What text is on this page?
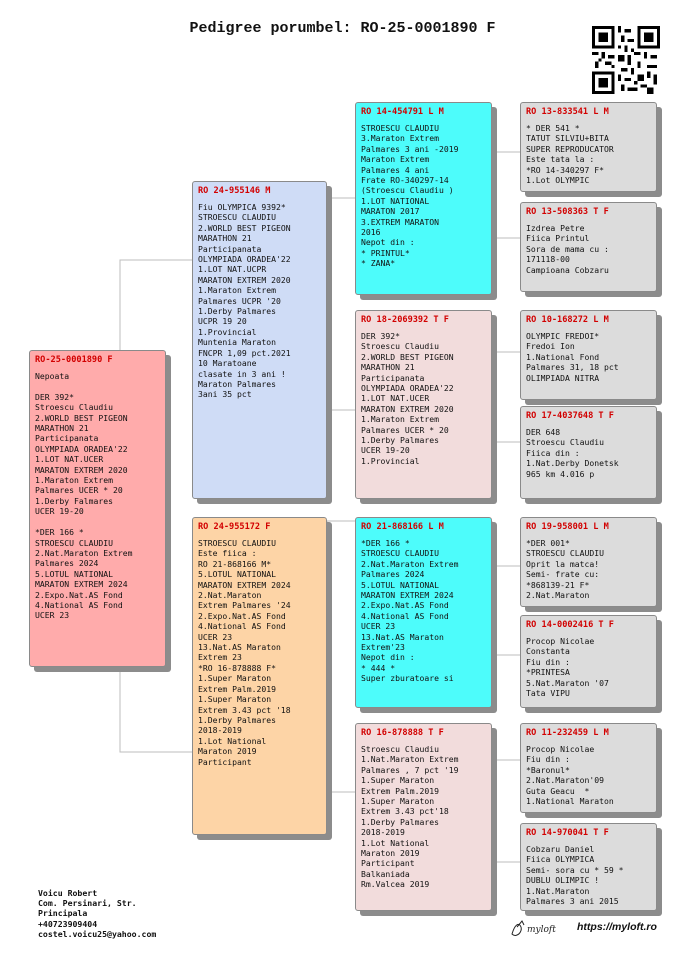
Pedigree porumbel: RO-25-0001890 F
RO-25-0001890 F
Nepoata

DER 392*
Stroescu Claudiu
2.WORLD BEST PIGEON
MARATHON 21
Participanata
OLYMPIADA ORADEA'22
1.LOT NAT.UCER
MARATON EXTREM 2020
1.Maraton Extrem
Palmares UCER * 20
1.Derby Falmares
UCER 19-20

*DER 166 *
STROESCU CLAUDIU
2.Nat.Maraton Extrem
Palmares 2024
5.LOTUL NATIONAL
MARATON EXTREM 2024
2.Expo.Nat.AS Fond
4.National AS Fond
UCER 23
RO 24-955146 M
Fiu OLYMPICA 9392*
STROESCU CLAUDIU
2.WORLD BEST PIGEON
MARATHON 21
Participanata
OLYMPIADA ORADEA'22
1.LOT NAT.UCPR
MARATON EXTREM 2020
1.Maraton Extrem
Palmares UCPR '20
1.Derby Palmares
UCPR 19 20
1.Provincial
Muntenia Maraton
FNCPR 1,09 pct.2021
10 Maratoane
clasate in 3 ani !
Maraton Palmares
3ani 35 pct
RO 24-955172 F
STROESCU CLAUDIU
Este fiica :
RO 21-868166 M*
5.LOTUL NATIONAL
MARATON EXTREM 2024
2.Nat.Maraton
Extrem Palmares '24
2.Expo.Nat.AS Fond
4.National AS Fond
UCER 23
13.Nat.AS Maraton
Extrem 23
*RO 16-878888 F*
1.Super Maraton
Extrem Palm.2019
1.Super Maraton
Extrem 3.43 pct '18
1.Derby Palmares
2018-2019
1.Lot National
Maraton 2019
Participant
RO 14-454791 L M
STROESCU CLAUDIU
3.Maraton Extrem
Palmares 3 ani -2019
Maraton Extrem
Palmares 4 ani
Frate RO-340297-14
(Stroescu Claudiu )
1.LOT NATIONAL
MARATON 2017
3.EXTREM MARATON
2016
Nepot din :
* PRINTUL*
* ZANA*
RO 18-2069392 T F
DER 392*
Stroescu Claudiu
2.WORLD BEST PIGEON
MARATHON 21
Participanata
OLYMPIADA ORADEA'22
1.LOT NAT.UCER
MARATON EXTREM 2020
1.Maraton Extrem
Palmares UCER * 20
1.Derby Palmares
UCER 19-20
1.Provincial
RO 21-868166 L M
*DER 166 *
STROESCU CLAUDIU
2.Nat.Maraton Extrem
Palmares 2024
5.LOTUL NATIONAL
MARATON EXTREM 2024
2.Expo.Nat.AS Fond
4.National AS Fond
UCER 23
13.Nat.AS Maraton
Extrem'23
Nepot din :
* 444 *
Super zburatoare si
RO 16-878888 T F
Stroescu Claudiu
1.Nat.Maraton Extrem
Palmares , 7 pct '19
1.Super Maraton
Extrem Palm.2019
1.Super Maraton
Extrem 3.43 pct'18
1.Derby Palmares
2018-2019
1.Lot National
Maraton 2019
Participant
Balkaniada
Rm.Valcea 2019
RO 13-833541 L M
* DER 541 *
TATUT SILVIU+BITA
SUPER REPRODUCATOR
Este tata la :
*RO 14-340297 F*
1.Lot OLYMPIC
RO 13-508363 T F
Izdrea Petre
Fiica Printul
Sora de mama cu :
171118-00
Campioana Cobzaru
RO 10-168272 L M
OLYMPIC FREDOI*
Fredoi Ion
1.National Fond
Palmares 31, 18 pct
OLIMPIADA NITRA
RO 17-4037648 T F
DER 648
Stroescu Claudiu
Fiica din :
1.Nat.Derby Donetsk
965 km 4.016 p
RO 19-958001 L M
*DER 001*
STROESCU CLAUDIU
Oprit la matca!
Semi- frate cu:
*868139-21 F*
2.Nat.Maraton
RO 14-0002416 T F
Procop Nicolae
Constanta
Fiu din :
*PRINTESA
5.Nat.Maraton '07
Tata VIPU
RO 11-232459 L M
Procop Nicolae
Fiu din :
*Baronul*
2.Nat.Maraton'09
Guta Geacu  *
1.National Maraton
RO 14-970041 T F
Cobzaru Daniel
Fiica OLYMPICA
Semi- sora cu * 59 *
DUBLU OLIMPIC !
1.Nat.Maraton
Palmares 3 ani 2015
Voicu Robert
Com. Persinari, Str.
Principala
+40723909404
costel.voicu25@yahoo.com	myloft https://myloft.ro
